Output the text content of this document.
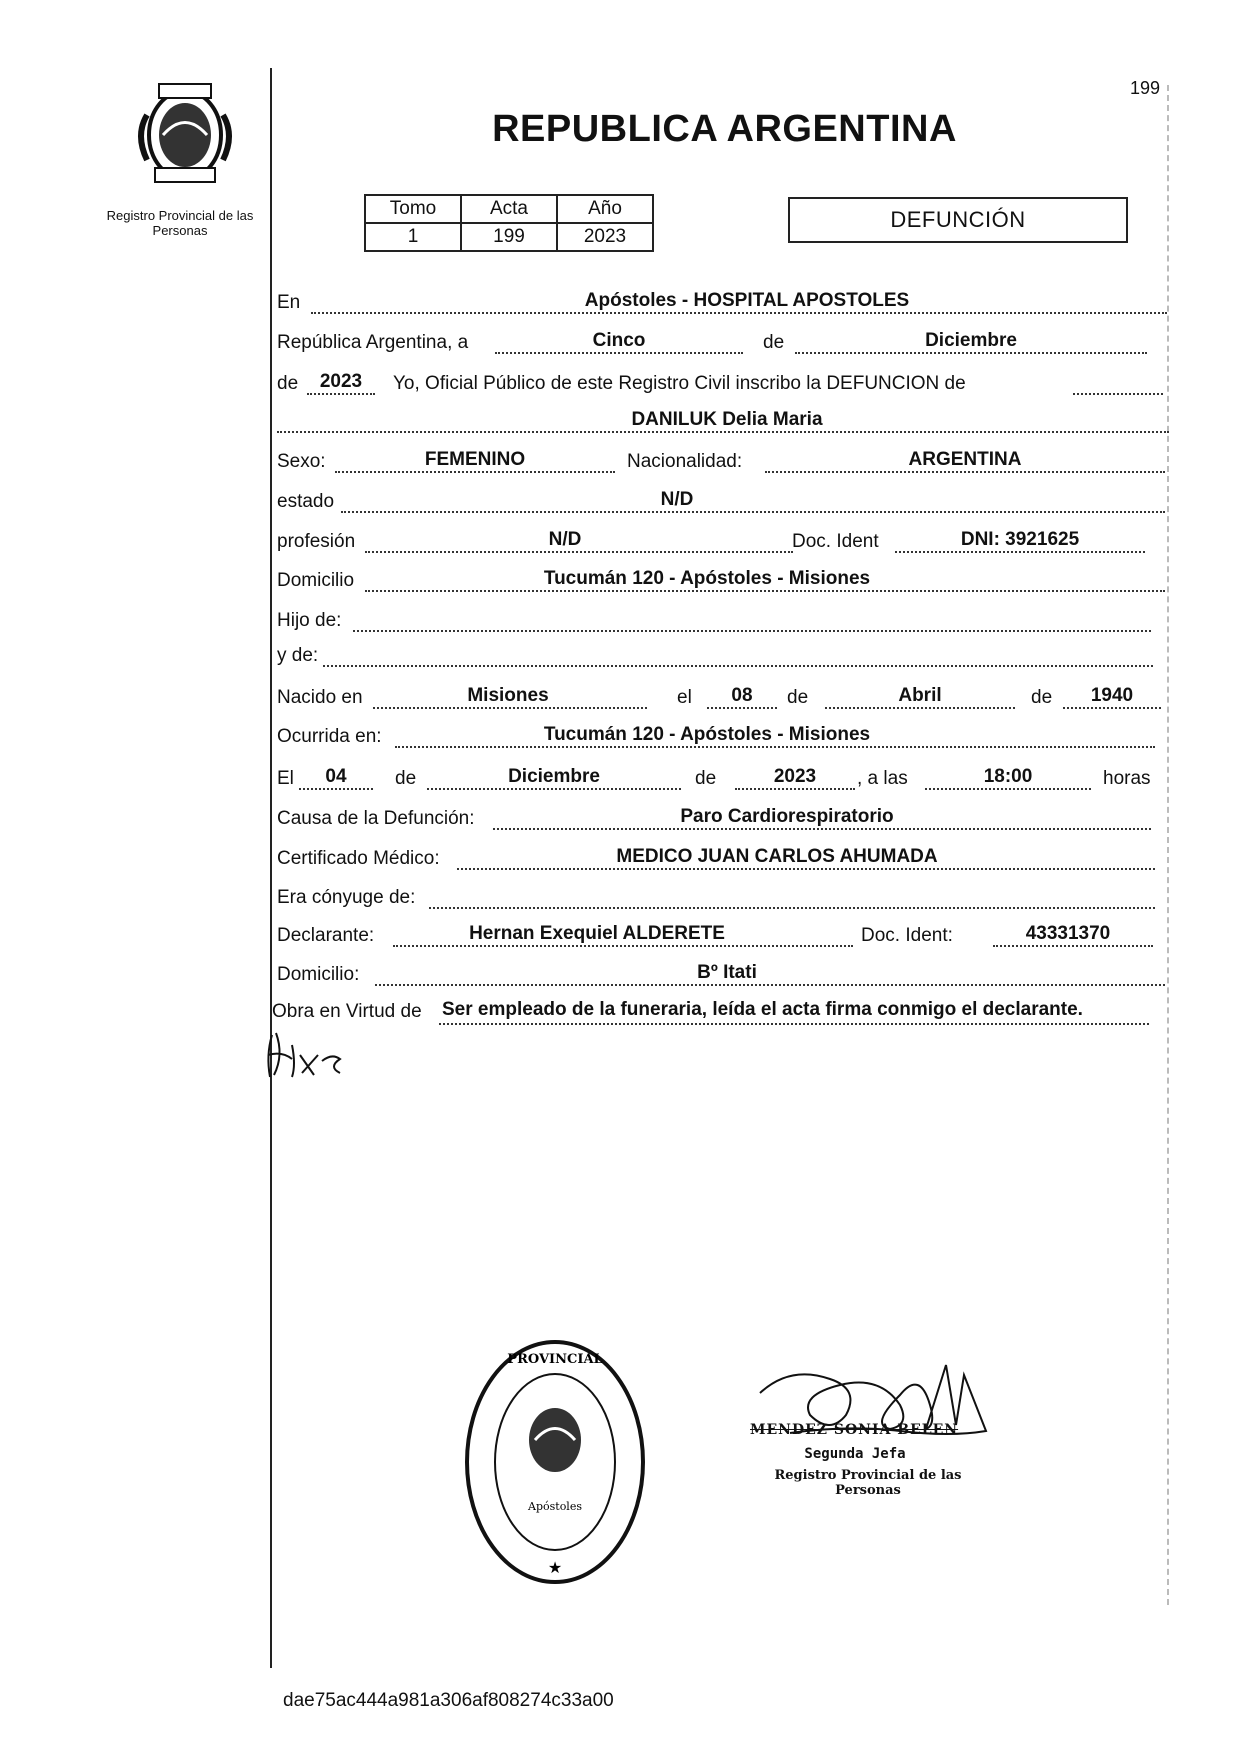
Registro Provincial de las Personas
199
REPUBLICA ARGENTINA
Tomo	Acta	Año
1	199	2023
DEFUNCIÓN
En	Apóstoles - HOSPITAL APOSTOLES
República Argentina, a	Cinco	de	Diciembre
de	2023	Yo, Oficial Público de este Registro Civil inscribo la DEFUNCION de
DANILUK Delia Maria
Sexo:	FEMENINO	Nacionalidad:	ARGENTINA
estado	N/D
profesión	N/D	Doc. Ident	DNI: 3921625
Domicilio	Tucumán 120 - Apóstoles - Misiones
Hijo de:
y de:
Nacido en	Misiones	el	08	de	Abril	de	1940
Ocurrida en:	Tucumán 120 - Apóstoles - Misiones
El	04	de	Diciembre	de	2023	, a las	18:00	horas
Causa de la Defunción:	Paro Cardiorespiratorio
Certificado Médico:	MEDICO JUAN CARLOS AHUMADA
Era cónyuge de:
Declarante:	Hernan Exequiel ALDERETE	Doc. Ident:	43331370
Domicilio:	Bº Itati
Obra en Virtud de Ser empleado de la funeraria, leída el acta firma conmigo el declarante.
PROVINCIAL
★
Apóstoles
MENDEZ SONIA BELEN
Segunda Jefa
Registro Provincial de las Personas
dae75ac444a981a306af808274c33a00
